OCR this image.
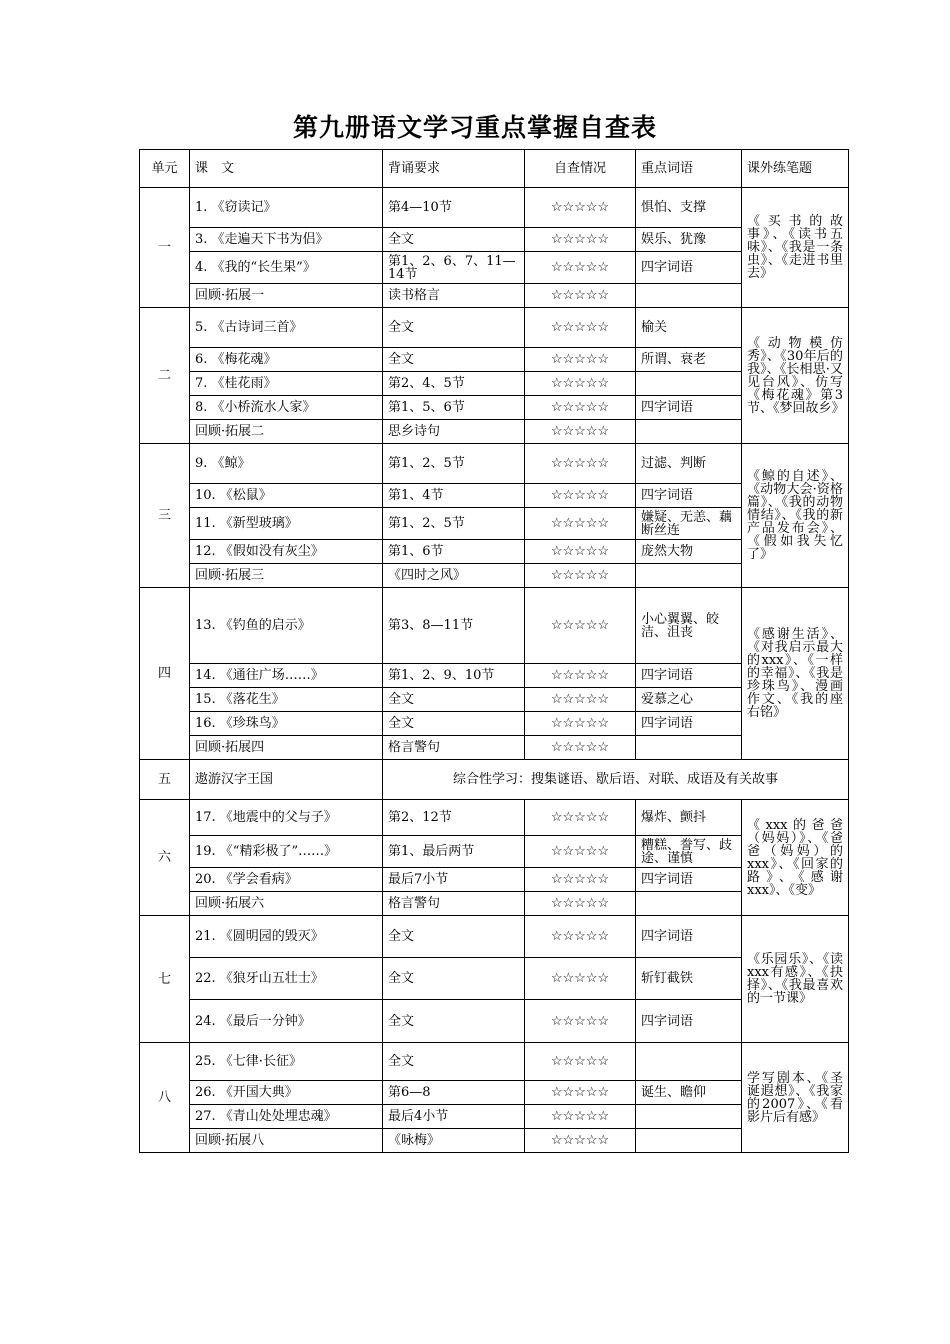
第九册语文学习重点掌握自查表
单元	课　文	背诵要求	自查情况	重点词语	课外练笔题
一	1. 《窃读记》	第4—10节	☆☆☆☆☆	惧怕、支撑	《买书的故事》、《读书五味》、《我是一条虫》、《走进书里去》
	3. 《走遍天下书为侣》	全文	☆☆☆☆☆	娱乐、犹豫	
	4. 《我的“长生果”》	第1、2、6、7、11—14节	☆☆☆☆☆	四字词语	
	回顾·拓展一	读书格言	☆☆☆☆☆		
二	5. 《古诗词三首》	全文	☆☆☆☆☆	榆关	《动物模仿秀》、《30年后的我》、《长相思·又见台风》、仿写《梅花魂》第3节、《梦回故乡》
	6. 《梅花魂》	全文	☆☆☆☆☆	所谓、衰老	
	7. 《桂花雨》	第2、4、5节	☆☆☆☆☆		
	8. 《小桥流水人家》	第1、5、6节	☆☆☆☆☆	四字词语	
	回顾·拓展二	思乡诗句	☆☆☆☆☆		
三	9. 《鲸》	第1、2、5节	☆☆☆☆☆	过滤、判断	《鲸的自述》、《动物大会·资格篇》、《我的动物情结》、《我的新产品发布会》、《假如我失忆了》
	10. 《松鼠》	第1、4节	☆☆☆☆☆	四字词语	
	11. 《新型玻璃》	第1、2、5节	☆☆☆☆☆	嫌疑、无恙、藕断丝连	
	12. 《假如没有灰尘》	第1、6节	☆☆☆☆☆	庞然大物	
	回顾·拓展三	《四时之风》	☆☆☆☆☆		
四	13. 《钓鱼的启示》	第3、8—11节	☆☆☆☆☆	小心翼翼、皎洁、沮丧	《感谢生活》、《对我启示最大的xxx》、《一样的幸福》、《我是珍珠鸟》、漫画作文、《我的座右铭》
	14. 《通往广场……》	第1、2、9、10节	☆☆☆☆☆	四字词语	
	15. 《落花生》	全文	☆☆☆☆☆	爱慕之心	
	16. 《珍珠鸟》	全文	☆☆☆☆☆	四字词语	
	回顾·拓展四	格言警句	☆☆☆☆☆		
五	遨游汉字王国	综合性学习：搜集谜语、歇后语、对联、成语及有关故事			
六	17. 《地震中的父与子》	第2、12节	☆☆☆☆☆	爆炸、颤抖	《xxx的爸爸（妈妈）》、《爸爸（妈妈）的xxx》、《回家的路》、《感谢xxx》、《变》
	19. 《“精彩极了”……》	第1、最后两节	☆☆☆☆☆	糟糕、誊写、歧途、谨慎	
	20. 《学会看病》	最后7小节	☆☆☆☆☆	四字词语	
	回顾·拓展六	格言警句	☆☆☆☆☆		
七	21. 《圆明园的毁灭》	全文	☆☆☆☆☆	四字词语	《乐园乐》、《读xxx有感》、《抉择》、《我最喜欢的一节课》
	22. 《狼牙山五壮士》	全文	☆☆☆☆☆	斩钉截铁	
	24. 《最后一分钟》	全文	☆☆☆☆☆	四字词语	
八	25. 《七律·长征》	全文	☆☆☆☆☆		学写剧本、《圣诞遐想》、《我家的2007》、《看影片后有感》
	26. 《开国大典》	第6—8	☆☆☆☆☆	诞生、瞻仰	
	27. 《青山处处埋忠魂》	最后4小节	☆☆☆☆☆		
	回顾·拓展八	《咏梅》	☆☆☆☆☆		
